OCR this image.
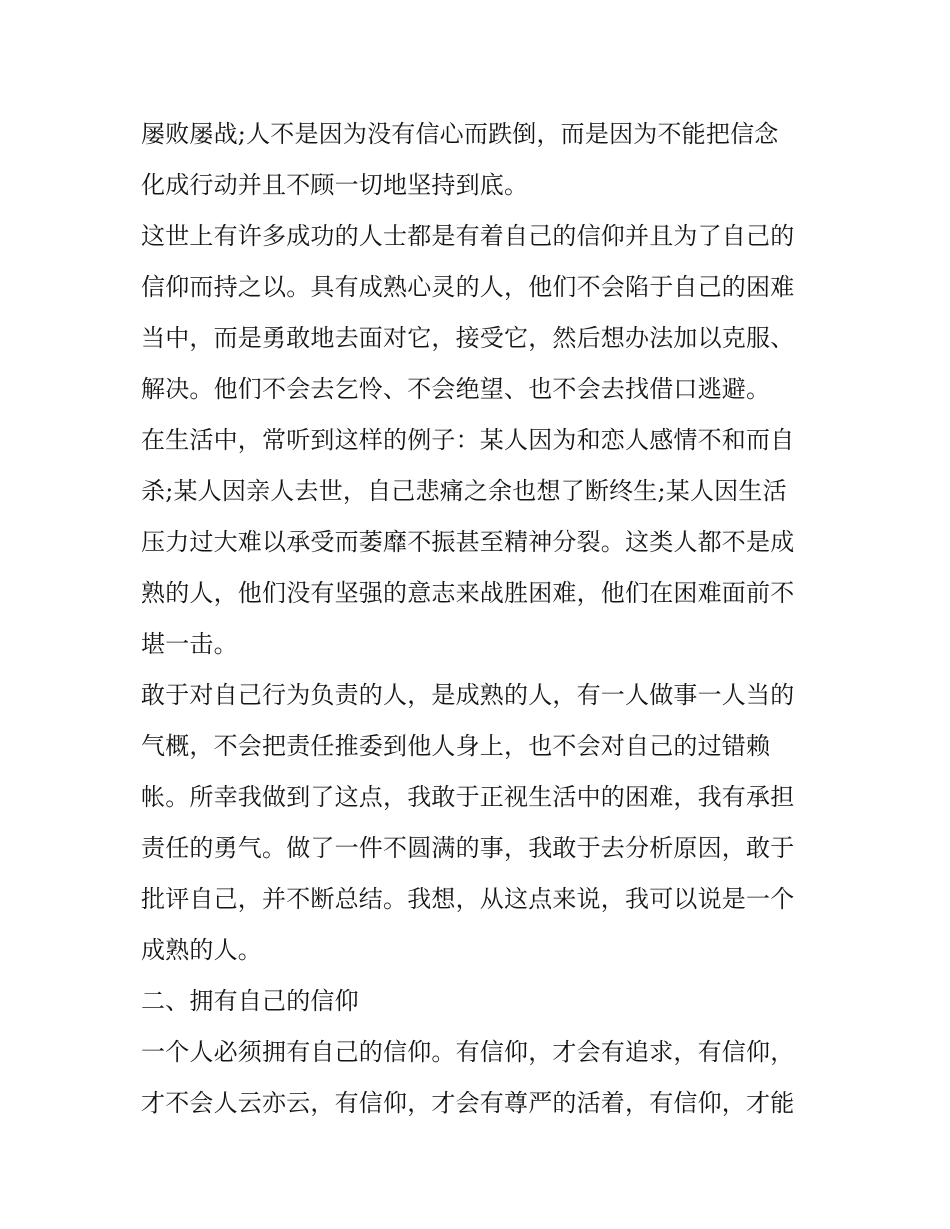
屡败屡战;人不是因为没有信心而跌倒，而是因为不能把信念
化成行动并且不顾一切地坚持到底。
这世上有许多成功的人士都是有着自己的信仰并且为了自己的
信仰而持之以。具有成熟心灵的人，他们不会陷于自己的困难
当中，而是勇敢地去面对它，接受它，然后想办法加以克服、
解决。他们不会去乞怜、不会绝望、也不会去找借口逃避。
在生活中，常听到这样的例子：某人因为和恋人感情不和而自
杀;某人因亲人去世，自己悲痛之余也想了断终生;某人因生活
压力过大难以承受而萎靡不振甚至精神分裂。这类人都不是成
熟的人，他们没有坚强的意志来战胜困难，他们在困难面前不
堪一击。
敢于对自己行为负责的人，是成熟的人，有一人做事一人当的
气概，不会把责任推委到他人身上，也不会对自己的过错赖
帐。所幸我做到了这点，我敢于正视生活中的困难，我有承担
责任的勇气。做了一件不圆满的事，我敢于去分析原因，敢于
批评自己，并不断总结。我想，从这点来说，我可以说是一个
成熟的人。
二、拥有自己的信仰
一个人必须拥有自己的信仰。有信仰，才会有追求，有信仰，
才不会人云亦云，有信仰，才会有尊严的活着，有信仰，才能
